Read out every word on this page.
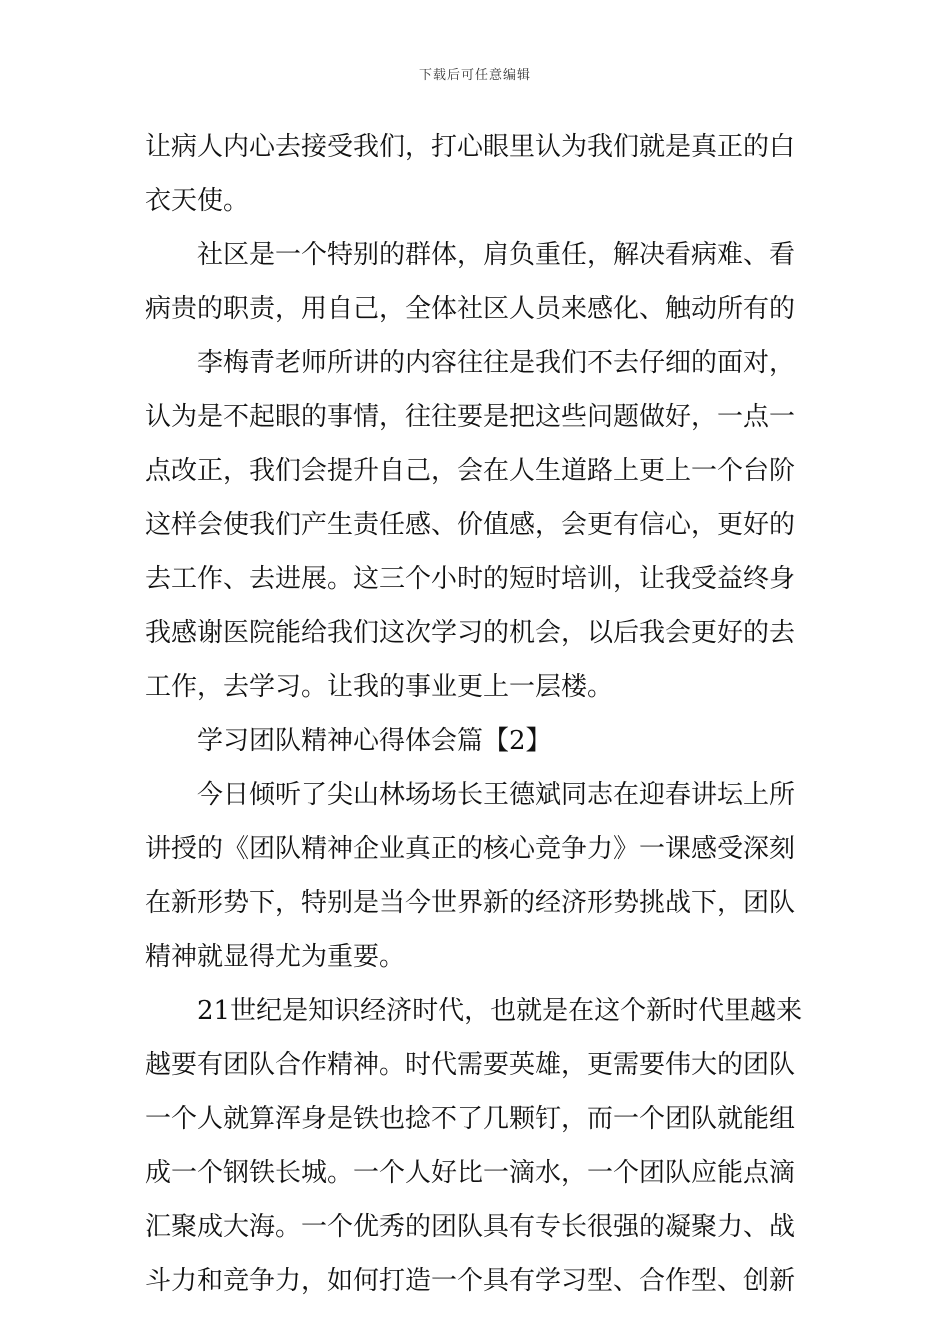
下载后可任意编辑
让病人内心去接受我们，打心眼里认为我们就是真正的白
衣天使。
社区是一个特别的群体，肩负重任，解决看病难、看
病贵的职责，用自己，全体社区人员来感化、触动所有的
李梅青老师所讲的内容往往是我们不去仔细的面对，
认为是不起眼的事情，往往要是把这些问题做好，一点一
点改正，我们会提升自己，会在人生道路上更上一个台阶
这样会使我们产生责任感、价值感，会更有信心，更好的
去工作、去进展。这三个小时的短时培训，让我受益终身
我感谢医院能给我们这次学习的机会，以后我会更好的去
工作，去学习。让我的事业更上一层楼。
学习团队精神心得体会篇【2】
今日倾听了尖山林场场长王德斌同志在迎春讲坛上所
讲授的《团队精神企业真正的核心竞争力》一课感受深刻
在新形势下，特别是当今世界新的经济形势挑战下，团队
精神就显得尤为重要。
21世纪是知识经济时代，也就是在这个新时代里越来
越要有团队合作精神。时代需要英雄，更需要伟大的团队
一个人就算浑身是铁也捻不了几颗钉，而一个团队就能组
成一个钢铁长城。一个人好比一滴水，一个团队应能点滴
汇聚成大海。一个优秀的团队具有专长很强的凝聚力、战
斗力和竞争力，如何打造一个具有学习型、合作型、创新
